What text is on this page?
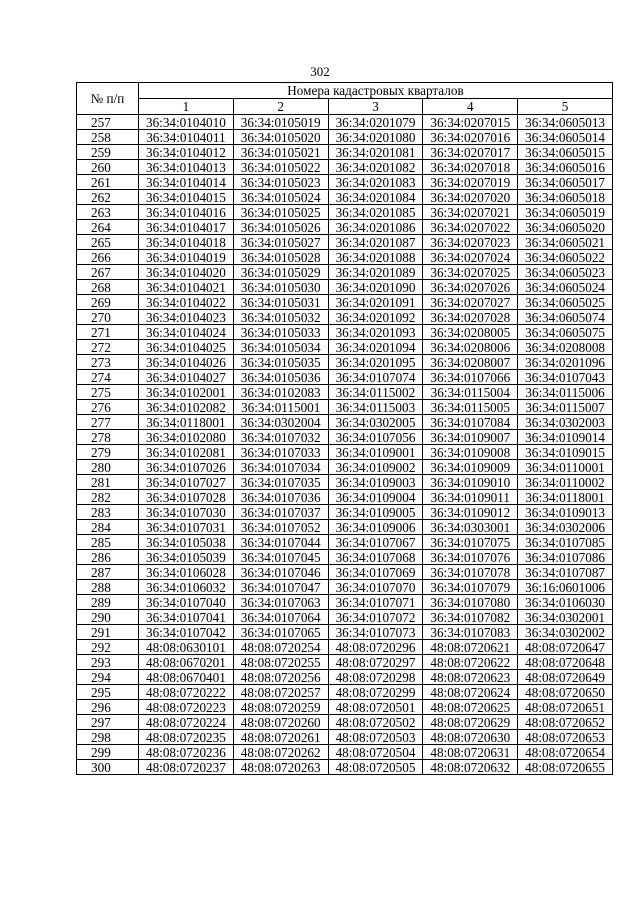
302
№ п/п	Номера кадастровых кварталов				
	1	2	3	4	5
257	36:34:0104010	36:34:0105019	36:34:0201079	36:34:0207015	36:34:0605013
258	36:34:0104011	36:34:0105020	36:34:0201080	36:34:0207016	36:34:0605014
259	36:34:0104012	36:34:0105021	36:34:0201081	36:34:0207017	36:34:0605015
260	36:34:0104013	36:34:0105022	36:34:0201082	36:34:0207018	36:34:0605016
261	36:34:0104014	36:34:0105023	36:34:0201083	36:34:0207019	36:34:0605017
262	36:34:0104015	36:34:0105024	36:34:0201084	36:34:0207020	36:34:0605018
263	36:34:0104016	36:34:0105025	36:34:0201085	36:34:0207021	36:34:0605019
264	36:34:0104017	36:34:0105026	36:34:0201086	36:34:0207022	36:34:0605020
265	36:34:0104018	36:34:0105027	36:34:0201087	36:34:0207023	36:34:0605021
266	36:34:0104019	36:34:0105028	36:34:0201088	36:34:0207024	36:34:0605022
267	36:34:0104020	36:34:0105029	36:34:0201089	36:34:0207025	36:34:0605023
268	36:34:0104021	36:34:0105030	36:34:0201090	36:34:0207026	36:34:0605024
269	36:34:0104022	36:34:0105031	36:34:0201091	36:34:0207027	36:34:0605025
270	36:34:0104023	36:34:0105032	36:34:0201092	36:34:0207028	36:34:0605074
271	36:34:0104024	36:34:0105033	36:34:0201093	36:34:0208005	36:34:0605075
272	36:34:0104025	36:34:0105034	36:34:0201094	36:34:0208006	36:34:0208008
273	36:34:0104026	36:34:0105035	36:34:0201095	36:34:0208007	36:34:0201096
274	36:34:0104027	36:34:0105036	36:34:0107074	36:34:0107066	36:34:0107043
275	36:34:0102001	36:34:0102083	36:34:0115002	36:34:0115004	36:34:0115006
276	36:34:0102082	36:34:0115001	36:34:0115003	36:34:0115005	36:34:0115007
277	36:34:0118001	36:34:0302004	36:34:0302005	36:34:0107084	36:34:0302003
278	36:34:0102080	36:34:0107032	36:34:0107056	36:34:0109007	36:34:0109014
279	36:34:0102081	36:34:0107033	36:34:0109001	36:34:0109008	36:34:0109015
280	36:34:0107026	36:34:0107034	36:34:0109002	36:34:0109009	36:34:0110001
281	36:34:0107027	36:34:0107035	36:34:0109003	36:34:0109010	36:34:0110002
282	36:34:0107028	36:34:0107036	36:34:0109004	36:34:0109011	36:34:0118001
283	36:34:0107030	36:34:0107037	36:34:0109005	36:34:0109012	36:34:0109013
284	36:34:0107031	36:34:0107052	36:34:0109006	36:34:0303001	36:34:0302006
285	36:34:0105038	36:34:0107044	36:34:0107067	36:34:0107075	36:34:0107085
286	36:34:0105039	36:34:0107045	36:34:0107068	36:34:0107076	36:34:0107086
287	36:34:0106028	36:34:0107046	36:34:0107069	36:34:0107078	36:34:0107087
288	36:34:0106032	36:34:0107047	36:34:0107070	36:34:0107079	36:16:0601006
289	36:34:0107040	36:34:0107063	36:34:0107071	36:34:0107080	36:34:0106030
290	36:34:0107041	36:34:0107064	36:34:0107072	36:34:0107082	36:34:0302001
291	36:34:0107042	36:34:0107065	36:34:0107073	36:34:0107083	36:34:0302002
292	48:08:0630101	48:08:0720254	48:08:0720296	48:08:0720621	48:08:0720647
293	48:08:0670201	48:08:0720255	48:08:0720297	48:08:0720622	48:08:0720648
294	48:08:0670401	48:08:0720256	48:08:0720298	48:08:0720623	48:08:0720649
295	48:08:0720222	48:08:0720257	48:08:0720299	48:08:0720624	48:08:0720650
296	48:08:0720223	48:08:0720259	48:08:0720501	48:08:0720625	48:08:0720651
297	48:08:0720224	48:08:0720260	48:08:0720502	48:08:0720629	48:08:0720652
298	48:08:0720235	48:08:0720261	48:08:0720503	48:08:0720630	48:08:0720653
299	48:08:0720236	48:08:0720262	48:08:0720504	48:08:0720631	48:08:0720654
300	48:08:0720237	48:08:0720263	48:08:0720505	48:08:0720632	48:08:0720655
